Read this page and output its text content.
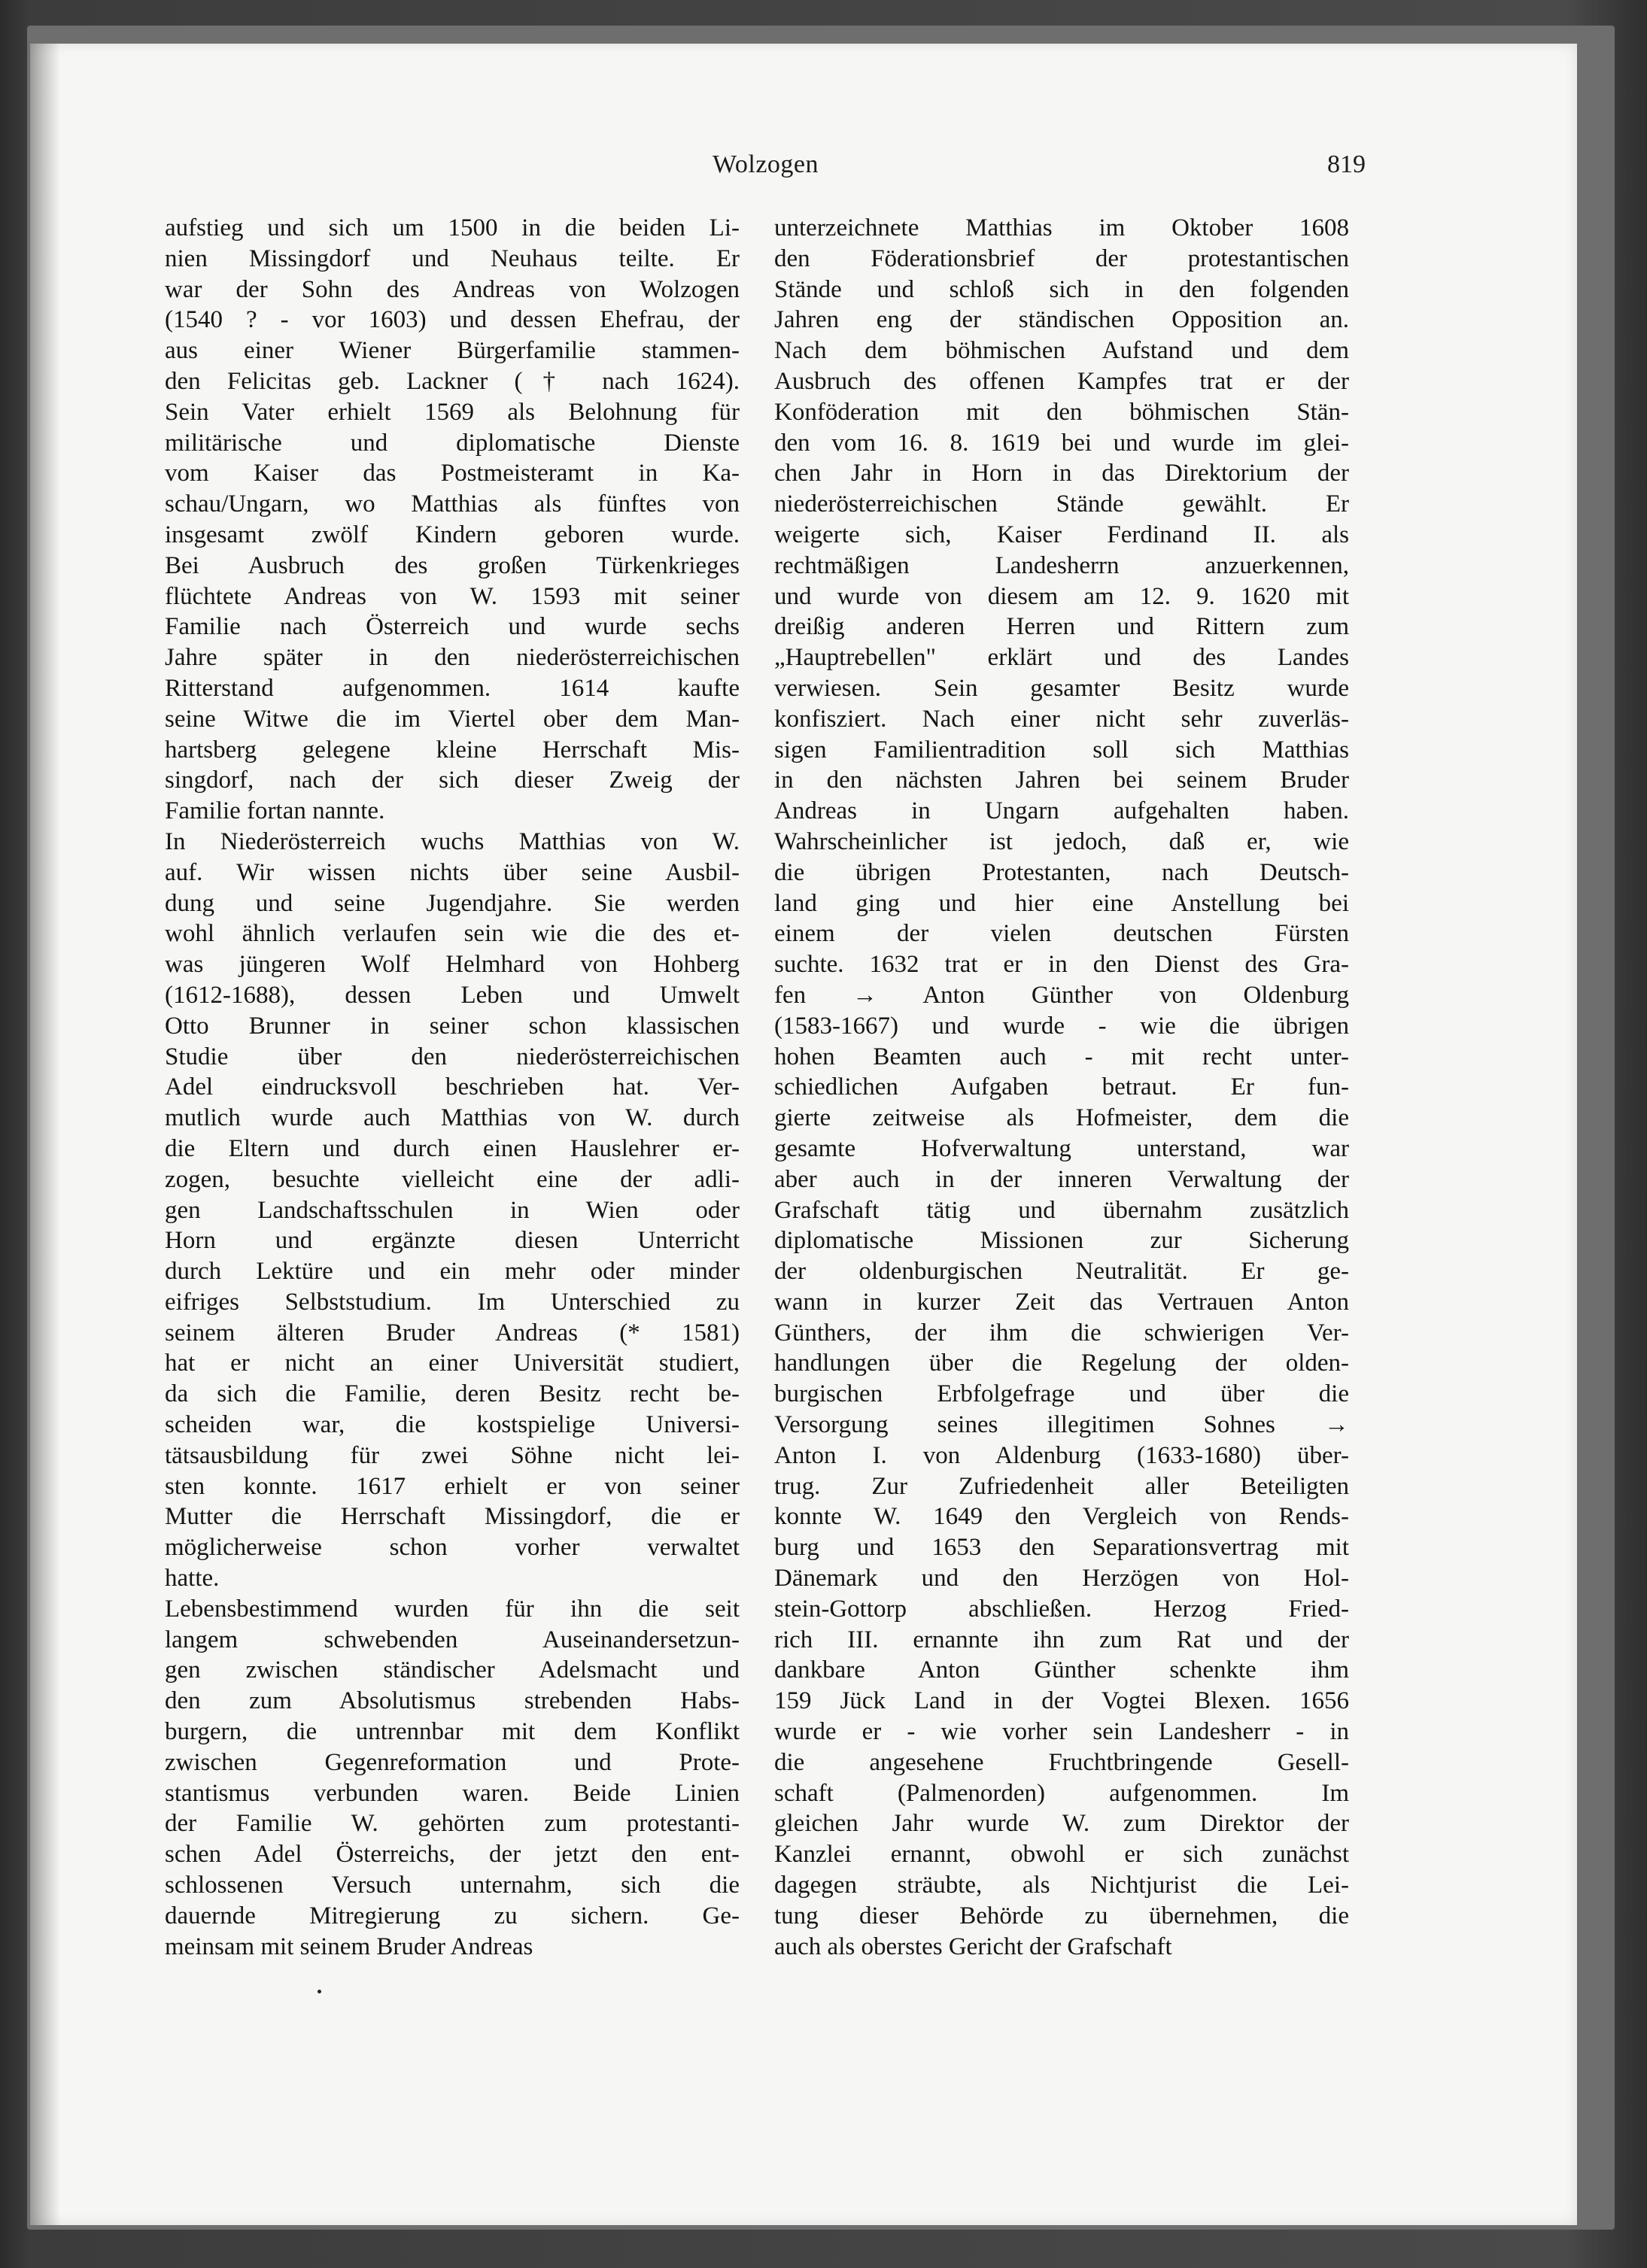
Wolzogen	819
aufstieg und sich um 1500 in die beiden Li-
nien Missingdorf und Neuhaus teilte. Er
war der Sohn des Andreas von Wolzogen
(1540 ? - vor 1603) und dessen Ehefrau, der
aus einer Wiener Bürgerfamilie stammen-
den Felicitas geb. Lackner († nach 1624).
Sein Vater erhielt 1569 als Belohnung für
militärische und diplomatische Dienste
vom Kaiser das Postmeisteramt in Ka-
schau/Ungarn, wo Matthias als fünftes von
insgesamt zwölf Kindern geboren wurde.
Bei Ausbruch des großen Türkenkrieges
flüchtete Andreas von W. 1593 mit seiner
Familie nach Österreich und wurde sechs
Jahre später in den niederösterreichischen
Ritterstand aufgenommen. 1614 kaufte
seine Witwe die im Viertel ober dem Man-
hartsberg gelegene kleine Herrschaft Mis-
singdorf, nach der sich dieser Zweig der
Familie fortan nannte.
In Niederösterreich wuchs Matthias von W.
auf. Wir wissen nichts über seine Ausbil-
dung und seine Jugendjahre. Sie werden
wohl ähnlich verlaufen sein wie die des et-
was jüngeren Wolf Helmhard von Hohberg
(1612-1688), dessen Leben und Umwelt
Otto Brunner in seiner schon klassischen
Studie über den niederösterreichischen
Adel eindrucksvoll beschrieben hat. Ver-
mutlich wurde auch Matthias von W. durch
die Eltern und durch einen Hauslehrer er-
zogen, besuchte vielleicht eine der adli-
gen Landschaftsschulen in Wien oder
Horn und ergänzte diesen Unterricht
durch Lektüre und ein mehr oder minder
eifriges Selbststudium. Im Unterschied zu
seinem älteren Bruder Andreas (* 1581)
hat er nicht an einer Universität studiert,
da sich die Familie, deren Besitz recht be-
scheiden war, die kostspielige Universi-
tätsausbildung für zwei Söhne nicht lei-
sten konnte. 1617 erhielt er von seiner
Mutter die Herrschaft Missingdorf, die er
möglicherweise schon vorher verwaltet
hatte.
Lebensbestimmend wurden für ihn die seit
langem schwebenden Auseinandersetzun-
gen zwischen ständischer Adelsmacht und
den zum Absolutismus strebenden Habs-
burgern, die untrennbar mit dem Konflikt
zwischen Gegenreformation und Prote-
stantismus verbunden waren. Beide Linien
der Familie W. gehörten zum protestanti-
schen Adel Österreichs, der jetzt den ent-
schlossenen Versuch unternahm, sich die
dauernde Mitregierung zu sichern. Ge-
meinsam mit seinem Bruder Andreas
unterzeichnete Matthias im Oktober 1608
den Föderationsbrief der protestantischen
Stände und schloß sich in den folgenden
Jahren eng der ständischen Opposition an.
Nach dem böhmischen Aufstand und dem
Ausbruch des offenen Kampfes trat er der
Konföderation mit den böhmischen Stän-
den vom 16. 8. 1619 bei und wurde im glei-
chen Jahr in Horn in das Direktorium der
niederösterreichischen Stände gewählt. Er
weigerte sich, Kaiser Ferdinand II. als
rechtmäßigen Landesherrn anzuerkennen,
und wurde von diesem am 12. 9. 1620 mit
dreißig anderen Herren und Rittern zum
„Hauptrebellen" erklärt und des Landes
verwiesen. Sein gesamter Besitz wurde
konfisziert. Nach einer nicht sehr zuverläs-
sigen Familientradition soll sich Matthias
in den nächsten Jahren bei seinem Bruder
Andreas in Ungarn aufgehalten haben.
Wahrscheinlicher ist jedoch, daß er, wie
die übrigen Protestanten, nach Deutsch-
land ging und hier eine Anstellung bei
einem der vielen deutschen Fürsten
suchte. 1632 trat er in den Dienst des Gra-
fen → Anton Günther von Oldenburg
(1583-1667) und wurde - wie die übrigen
hohen Beamten auch - mit recht unter-
schiedlichen Aufgaben betraut. Er fun-
gierte zeitweise als Hofmeister, dem die
gesamte Hofverwaltung unterstand, war
aber auch in der inneren Verwaltung der
Grafschaft tätig und übernahm zusätzlich
diplomatische Missionen zur Sicherung
der oldenburgischen Neutralität. Er ge-
wann in kurzer Zeit das Vertrauen Anton
Günthers, der ihm die schwierigen Ver-
handlungen über die Regelung der olden-
burgischen Erbfolgefrage und über die
Versorgung seines illegitimen Sohnes →
Anton I. von Aldenburg (1633-1680) über-
trug. Zur Zufriedenheit aller Beteiligten
konnte W. 1649 den Vergleich von Rends-
burg und 1653 den Separationsvertrag mit
Dänemark und den Herzögen von Hol-
stein-Gottorp abschließen. Herzog Fried-
rich III. ernannte ihn zum Rat und der
dankbare Anton Günther schenkte ihm
159 Jück Land in der Vogtei Blexen. 1656
wurde er - wie vorher sein Landesherr - in
die angesehene Fruchtbringende Gesell-
schaft (Palmenorden) aufgenommen. Im
gleichen Jahr wurde W. zum Direktor der
Kanzlei ernannt, obwohl er sich zunächst
dagegen sträubte, als Nichtjurist die Lei-
tung dieser Behörde zu übernehmen, die
auch als oberstes Gericht der Grafschaft
